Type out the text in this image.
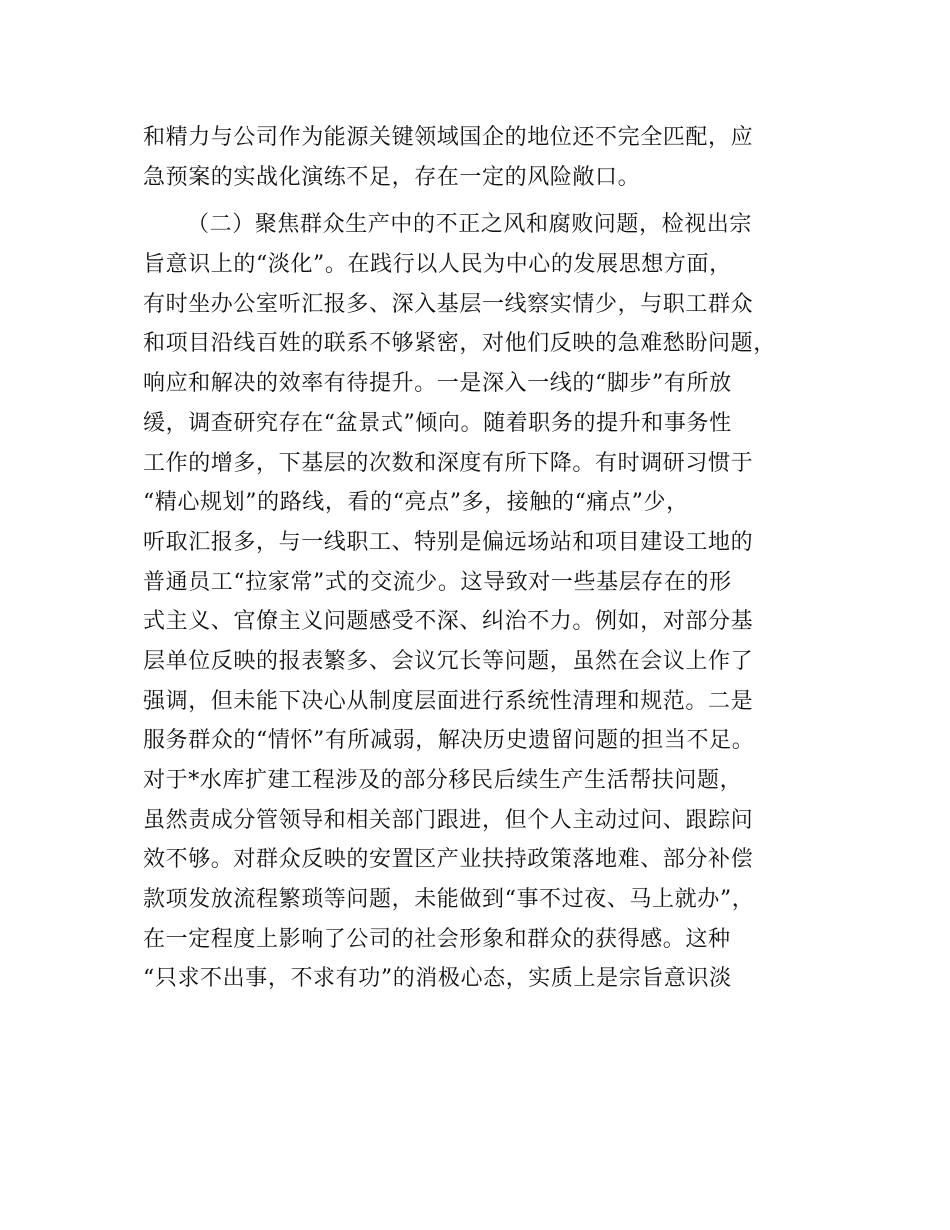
和精力与公司作为能源关键领域国企的地位还不完全匹配，应
急预案的实战化演练不足，存在一定的风险敞口。
（二）聚焦群众生产中的不正之风和腐败问题，检视出宗
旨意识上的“淡化”。在践行以人民为中心的发展思想方面，
有时坐办公室听汇报多、深入基层一线察实情少，与职工群众
和项目沿线百姓的联系不够紧密，对他们反映的急难愁盼问题，
响应和解决的效率有待提升。一是深入一线的“脚步”有所放
缓，调查研究存在“盆景式”倾向。随着职务的提升和事务性
工作的增多，下基层的次数和深度有所下降。有时调研习惯于
“精心规划”的路线，看的“亮点”多，接触的“痛点”少，
听取汇报多，与一线职工、特别是偏远场站和项目建设工地的
普通员工“拉家常”式的交流少。这导致对一些基层存在的形
式主义、官僚主义问题感受不深、纠治不力。例如，对部分基
层单位反映的报表繁多、会议冗长等问题，虽然在会议上作了
强调，但未能下决心从制度层面进行系统性清理和规范。二是
服务群众的“情怀”有所减弱，解决历史遗留问题的担当不足。
对于*水库扩建工程涉及的部分移民后续生产生活帮扶问题，
虽然责成分管领导和相关部门跟进，但个人主动过问、跟踪问
效不够。对群众反映的安置区产业扶持政策落地难、部分补偿
款项发放流程繁琐等问题，未能做到“事不过夜、马上就办”，
在一定程度上影响了公司的社会形象和群众的获得感。这种
“只求不出事，不求有功”的消极心态，实质上是宗旨意识淡
